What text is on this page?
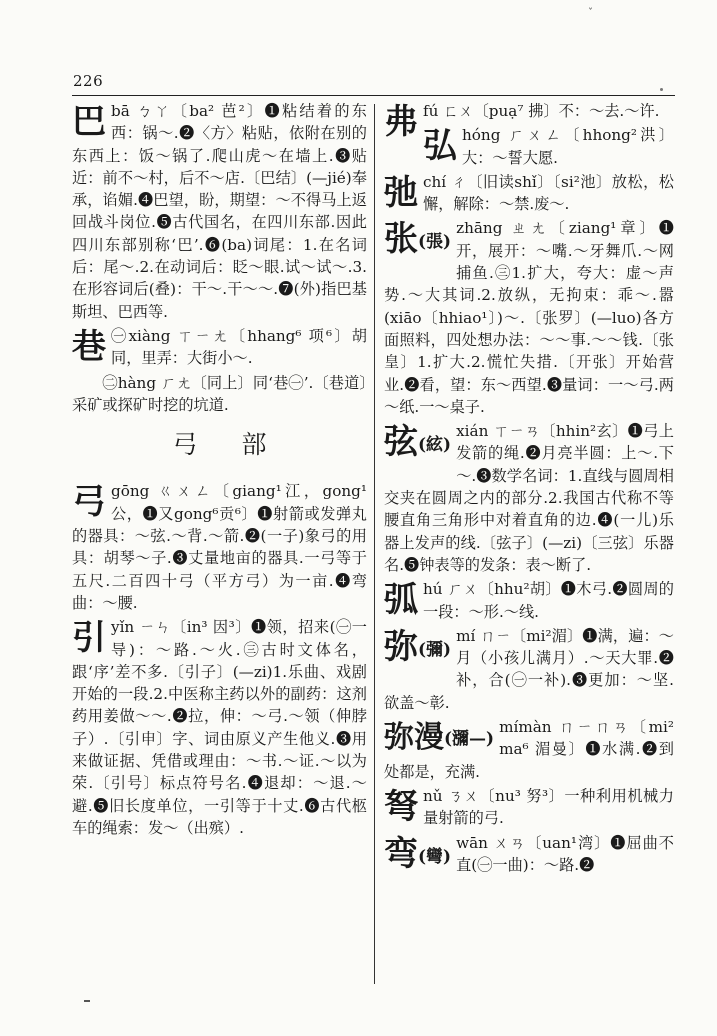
ˇ
226
巴 bā ㄅㄚ〔ba² 芭²〕❶粘结着的东西：锅～.❷〈方〉粘贴，依附在别的东西上：饭～锅了.爬山虎～在墙上.❸贴近：前不～村，后不～店.〔巴结〕(—jié)奉承，谄媚.❹巴望，盼，期望：～不得马上返回战斗岗位.❺古代国名，在四川东部.因此四川东部别称‘巴’.❻(ba)词尾：1.在名词后：尾～.2.在动词后：眨～眼.试～试～.3.在形容词后(叠)：干～.干～～.❼(外)指巴基斯坦、巴西等.
巷 ㊀xiàng ㄒㄧㄤ〔hhang⁶ 项⁶〕胡同，里弄：大街小～.
㊁hàng ㄏㄤ〔同上〕同‘巷㊀’.〔巷道〕采矿或探矿时挖的坑道.
弓 部
弓 gōng ㄍㄨㄥ〔giang¹江，gong¹公，❶又gong⁶贡⁶〕❶射箭或发弹丸的器具：～弦.～背.～箭.❷(一子)象弓的用具：胡琴～子.❸丈量地亩的器具.一弓等于五尺.二百四十弓（平方弓）为一亩.❹弯曲：～腰.
引 yǐn ㄧㄣ〔in³ 因³〕❶领，招来(㊀一导)：～路.～火.㊂古时文体名，跟‘序’差不多.〔引子〕(—zi)1.乐曲、戏剧开始的一段.2.中医称主药以外的副药：这剂药用姜做～～.❷拉，伸：～弓.～领（伸脖子）.〔引申〕字、词由原义产生他义.❸用来做证据、凭借或理由：～书.～证.～以为荣.〔引号〕标点符号名.❹退却：～退.～避.❺旧长度单位，一引等于十丈.❻古代柩车的绳索：发～（出殡）.
弗 fú ㄈㄨ〔puạ⁷ 拂〕不：～去.～许.
弘 hóng ㄏㄨㄥ〔hhong²洪〕大：～誓大愿.
弛 chí ㄔ〔旧读shǐ〕〔si²池〕放松，松懈，解除：～禁.废～.
张(張)
zhāng ㄓㄤ〔ziang¹章〕❶开，展开：～嘴.～牙舞爪.～网捕鱼.㊂1.扩大，夸大：虚～声势.～大其词.2.放纵，无拘束：乖～.嚣(xiāo〔hhiao¹〕)～.〔张罗〕(—luo)各方面照料，四处想办法：～～事.～～钱.〔张皇〕1.扩大.2.慌忙失措.〔开张〕开始营业.❷看，望：东～西望.❸量词：一～弓.两～纸.一～桌子.
弦(絃)
xián ㄒㄧㄢ〔hhin²玄〕❶弓上发箭的绳.❷月亮半圆：上～.下～.❸数学名词：1.直线与圆周相交夹在圆周之内的部分.2.我国古代称不等腰直角三角形中对着直角的边.❹(一儿)乐器上发声的线.〔弦子〕(—zi)〔三弦〕乐器名.❺钟表等的发条：表～断了.
弧 hú ㄏㄨ〔hhu²胡〕❶木弓.❷圆周的一段：～形.～线.
弥(彌)
mí ㄇㄧ〔mi²湄〕❶满，遍：～月（小孩儿满月）.～天大罪.❷补，合(㊀一补).❸更加：～坚.欲盖～彰.
弥漫(瀰—)
mímàn ㄇㄧㄇㄢ〔mi² ma⁶ 湄曼〕❶水满.❷到处都是，充满.
弩 nǔ ㄋㄨ〔nu³ 努³〕一种利用机械力量射箭的弓.
弯(彎)
wān ㄨㄢ〔uan¹湾〕❶屈曲不直(㊀一曲)：～路.❷
